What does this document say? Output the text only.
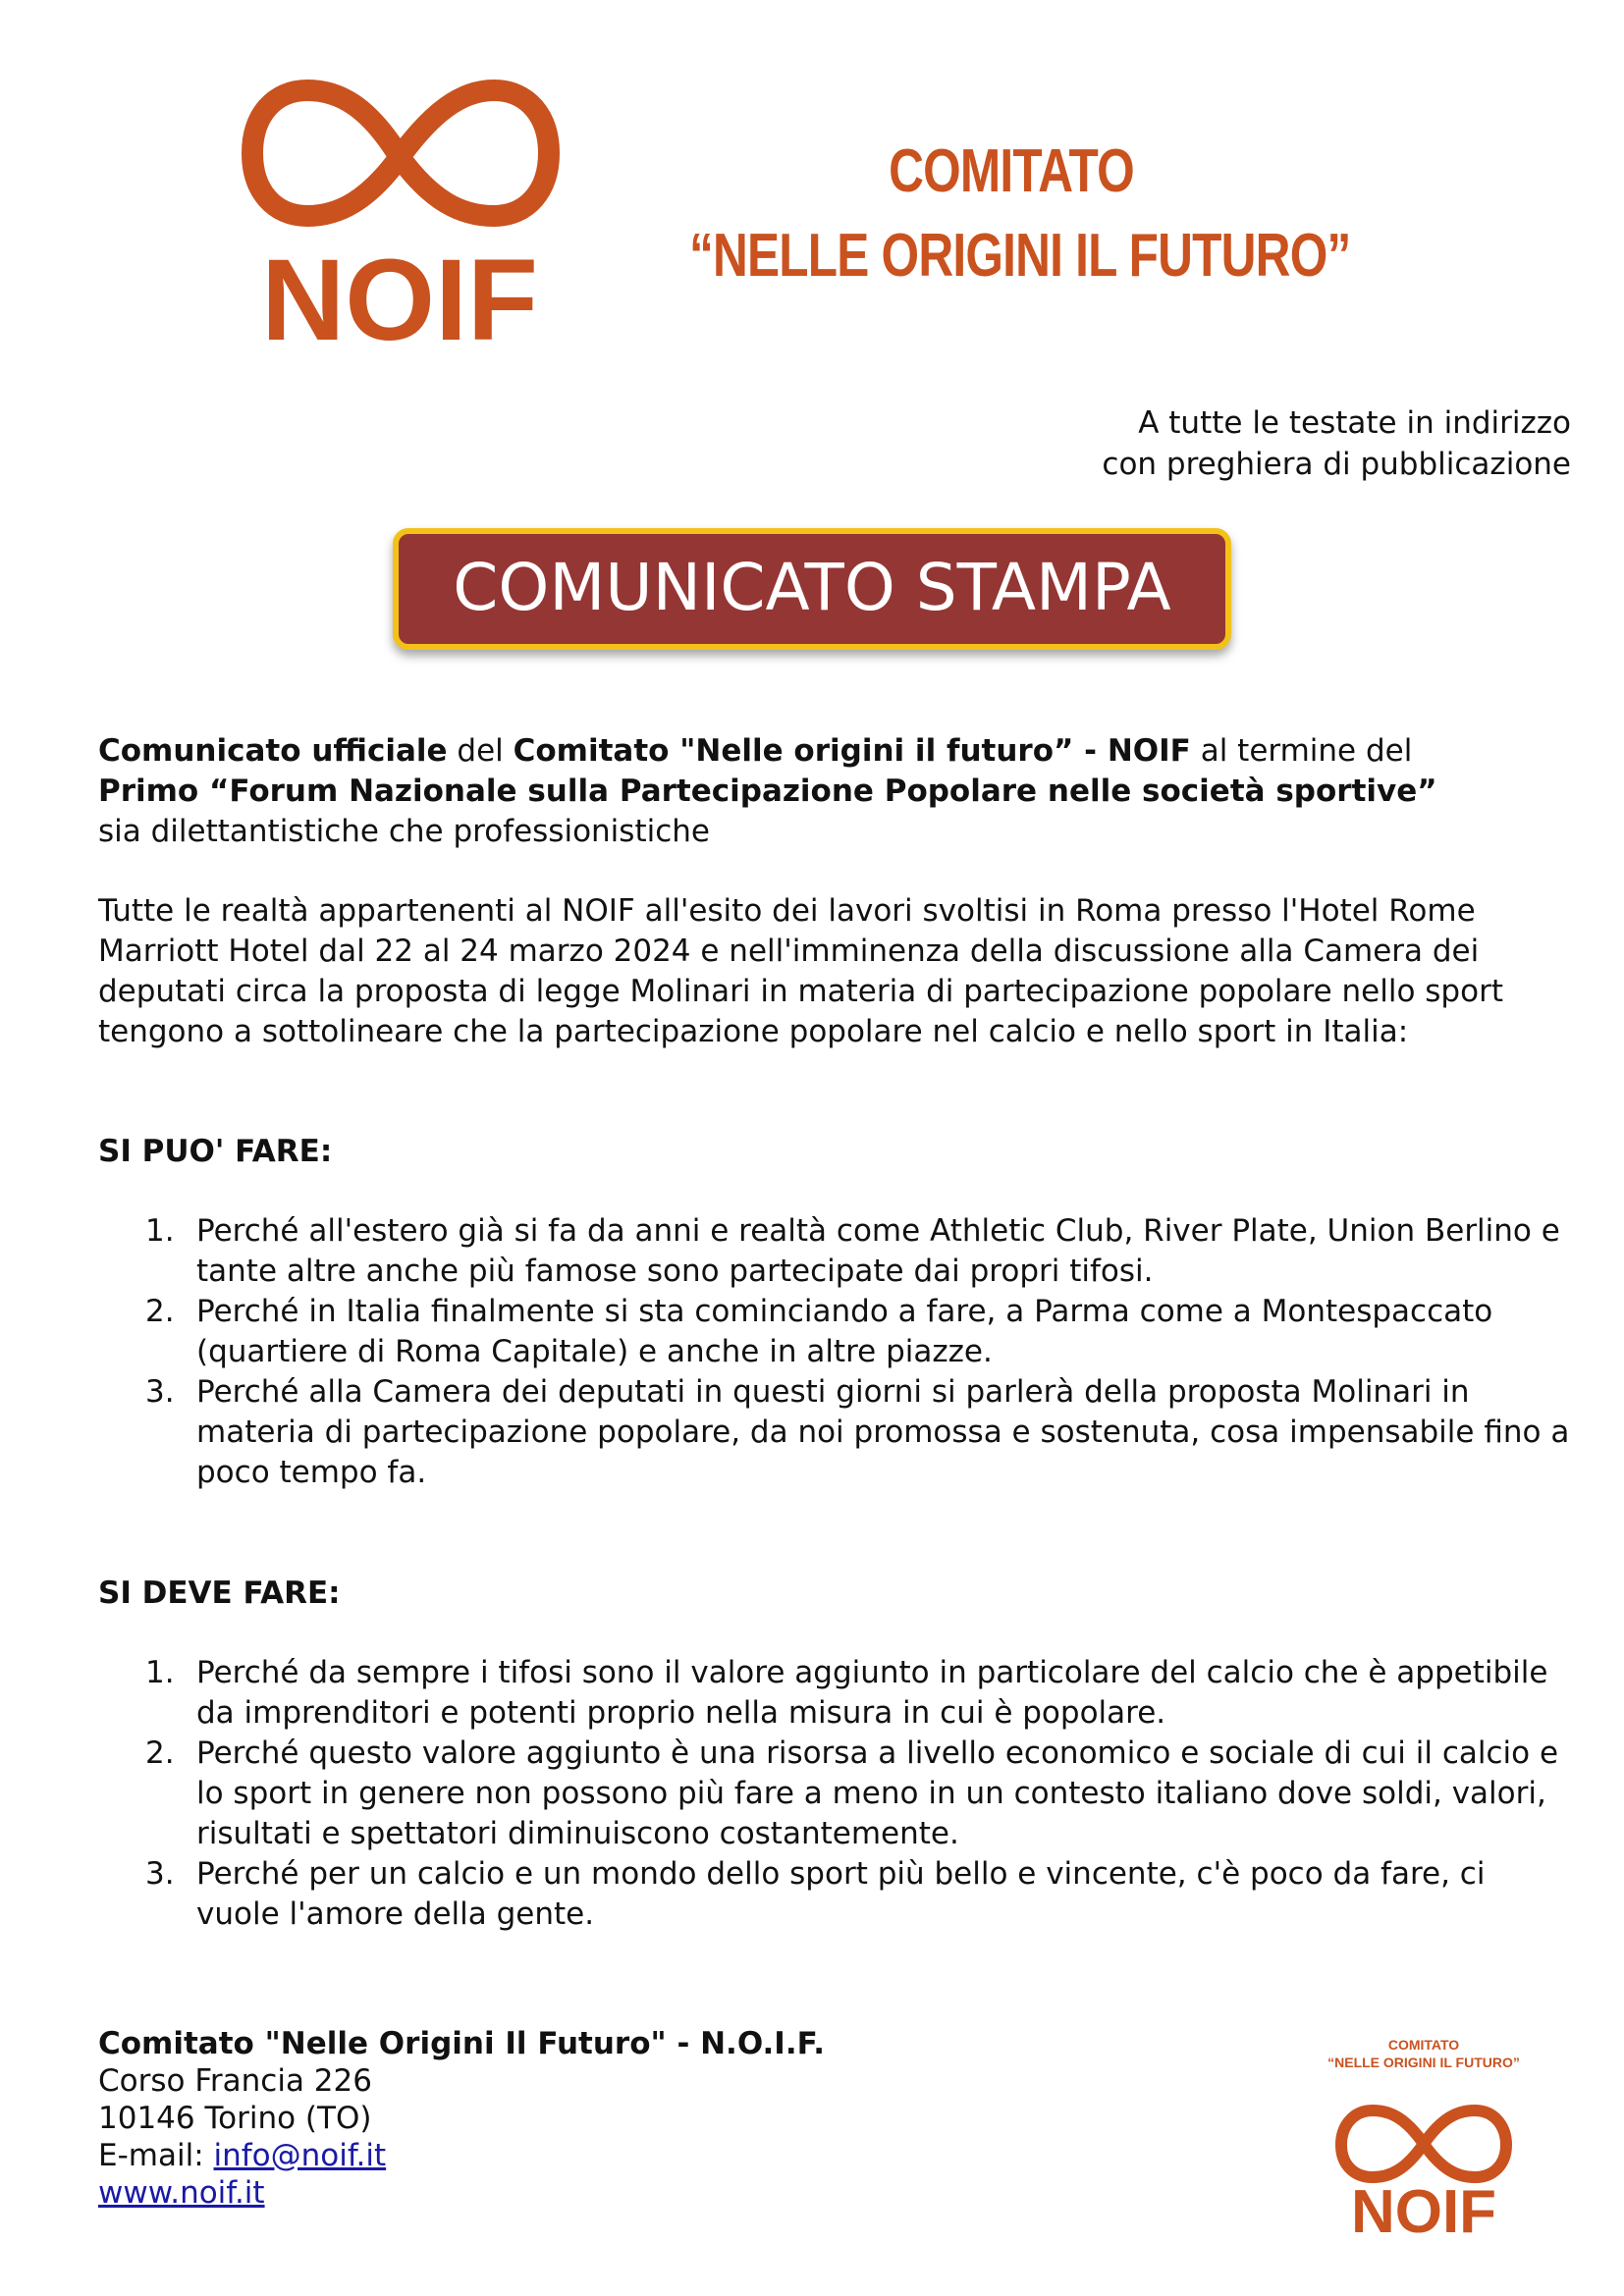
NOIF
COMITATO
“NELLE ORIGINI IL FUTURO”
A tutte le testate in indirizzo
con preghiera di pubblicazione
COMUNICATO STAMPA
Comunicato ufficiale del Comitato "Nelle origini il futuro” - NOIF al termine del
Primo “Forum Nazionale sulla Partecipazione Popolare nelle società sportive”
sia dilettantistiche che professionistiche
Tutte le realtà appartenenti al NOIF all'esito dei lavori svoltisi in Roma presso l'Hotel Rome Marriott Hotel dal 22 al 24 marzo 2024 e nell'imminenza della discussione alla Camera dei deputati circa la proposta di legge Molinari in materia di partecipazione popolare nello sport tengono a sottolineare che la partecipazione popolare nel calcio e nello sport in Italia:
SI PUO' FARE:
1. Perché all'estero già si fa da anni e realtà come Athletic Club, River Plate, Union Berlino e tante altre anche più famose sono partecipate dai propri tifosi.
2. Perché in Italia finalmente si sta cominciando a fare, a Parma come a Montespaccato (quartiere di Roma Capitale) e anche in altre piazze.
3. Perché alla Camera dei deputati in questi giorni si parlerà della proposta Molinari in materia di partecipazione popolare, da noi promossa e sostenuta, cosa impensabile fino a poco tempo fa.
SI DEVE FARE:
1. Perché da sempre i tifosi sono il valore aggiunto in particolare del calcio che è appetibile da imprenditori e potenti proprio nella misura in cui è popolare.
2. Perché questo valore aggiunto è una risorsa a livello economico e sociale di cui il calcio e lo sport in genere non possono più fare a meno in un contesto italiano dove soldi, valori, risultati e spettatori diminuiscono costantemente.
3. Perché per un calcio e un mondo dello sport più bello e vincente, c'è poco da fare, ci vuole l'amore della gente.
Comitato "Nelle Origini Il Futuro" - N.O.I.F.
Corso Francia 226
10146 Torino (TO)
E-mail: info@noif.it
www.noif.it
COMITATO
“NELLE ORIGINI IL FUTURO”
NOIF
